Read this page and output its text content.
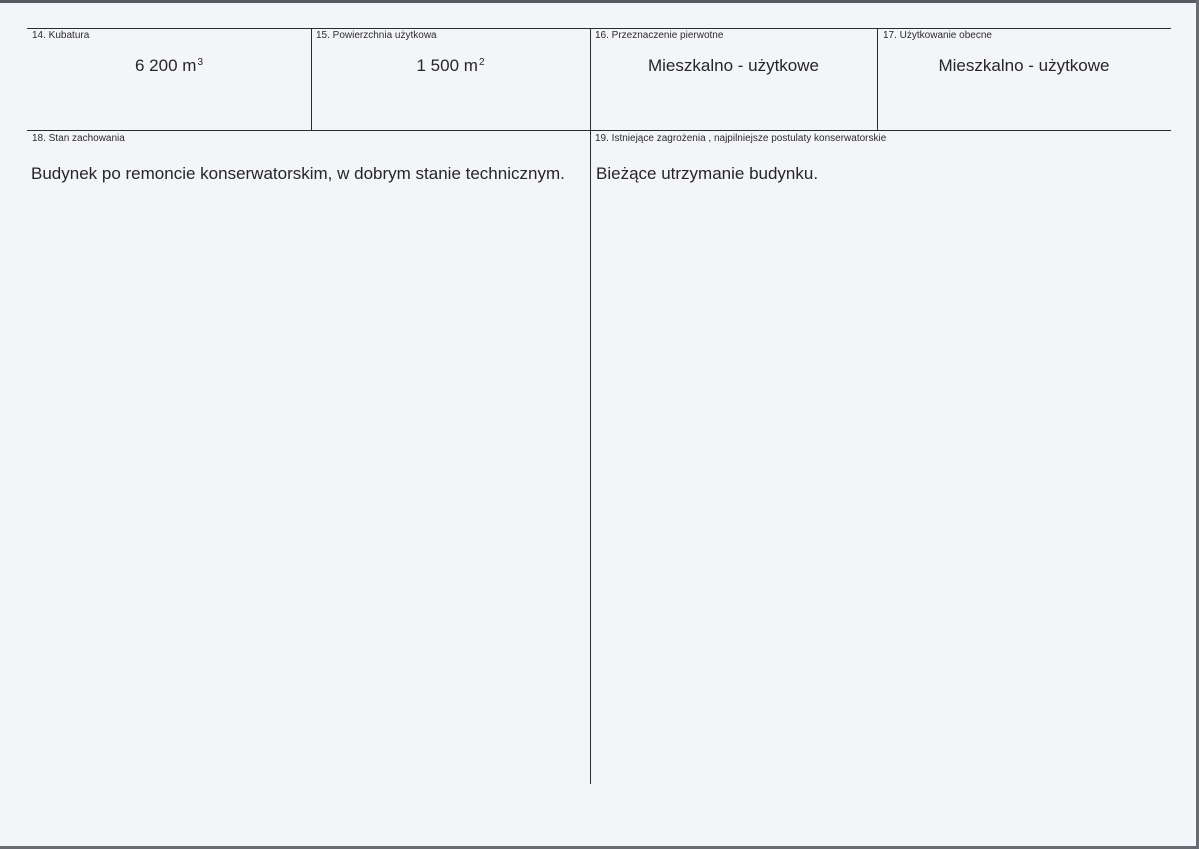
14. Kubatura
6 200 $m^3$
15. Powierzchnia użytkowa
1 500 $m^2$
16. Przeznaczenie pierwotne
Mieszkalno - użytkowe
17. Użytkowanie obecne
Mieszkalno - użytkowe
18. Stan zachowania
Budynek po remoncie konserwatorskim, w dobrym stanie technicznym.
19. Istniejące zagrożenia , najpilniejsze postulaty konserwatorskie
Bieżące utrzymanie budynku.
